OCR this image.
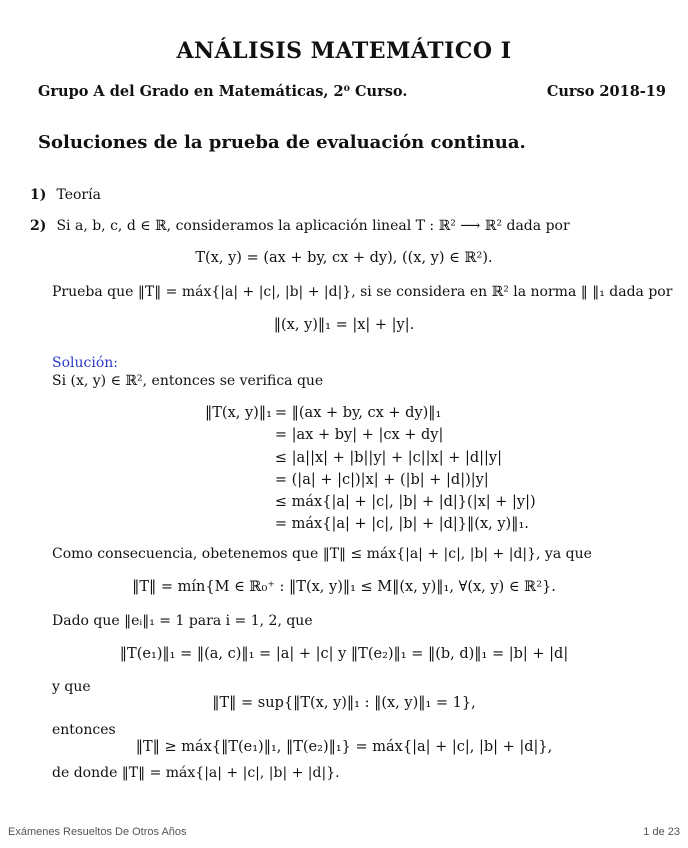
ANÁLISIS MATEMÁTICO I
Grupo A del Grado en Matemáticas, 2⁰ Curso.	Curso 2018-19
Soluciones de la prueba de evaluación continua.
1) Teoría
2) Si a, b, c, d ∈ ℝ, consideramos la aplicación lineal T : ℝ² ⟶ ℝ² dada por
T(x, y) = (ax + by, cx + dy), ((x, y) ∈ ℝ²).
Prueba que ‖T‖ = máx{|a| + |c|, |b| + |d|}, si se considera en ℝ² la norma ‖ ‖₁ dada por
‖(x, y)‖₁ = |x| + |y|.
Solución:
Si (x, y) ∈ ℝ², entonces se verifica que
‖T(x, y)‖₁	= ‖(ax + by, cx + dy)‖₁
	= |ax + by| + |cx + dy|
	≤ |a||x| + |b||y| + |c||x| + |d||y|
	= (|a| + |c|)|x| + (|b| + |d|)|y|
	≤ máx{|a| + |c|, |b| + |d|}(|x| + |y|)
	= máx{|a| + |c|, |b| + |d|}‖(x, y)‖₁.
Como consecuencia, obetenemos que ‖T‖ ≤ máx{|a| + |c|, |b| + |d|}, ya que
‖T‖ = mín{M ∈ ℝ₀⁺ : ‖T(x, y)‖₁ ≤ M‖(x, y)‖₁, ∀(x, y) ∈ ℝ²}.
Dado que ‖eᵢ‖₁ = 1 para i = 1, 2, que
‖T(e₁)‖₁ = ‖(a, c)‖₁ = |a| + |c| y ‖T(e₂)‖₁ = ‖(b, d)‖₁ = |b| + |d|
y que
‖T‖ = sup{‖T(x, y)‖₁ : ‖(x, y)‖₁ = 1},
entonces
‖T‖ ≥ máx{‖T(e₁)‖₁, ‖T(e₂)‖₁} = máx{|a| + |c|, |b| + |d|},
de donde ‖T‖ = máx{|a| + |c|, |b| + |d|}.
Exámenes Resueltos De Otros Años	1 de 23
